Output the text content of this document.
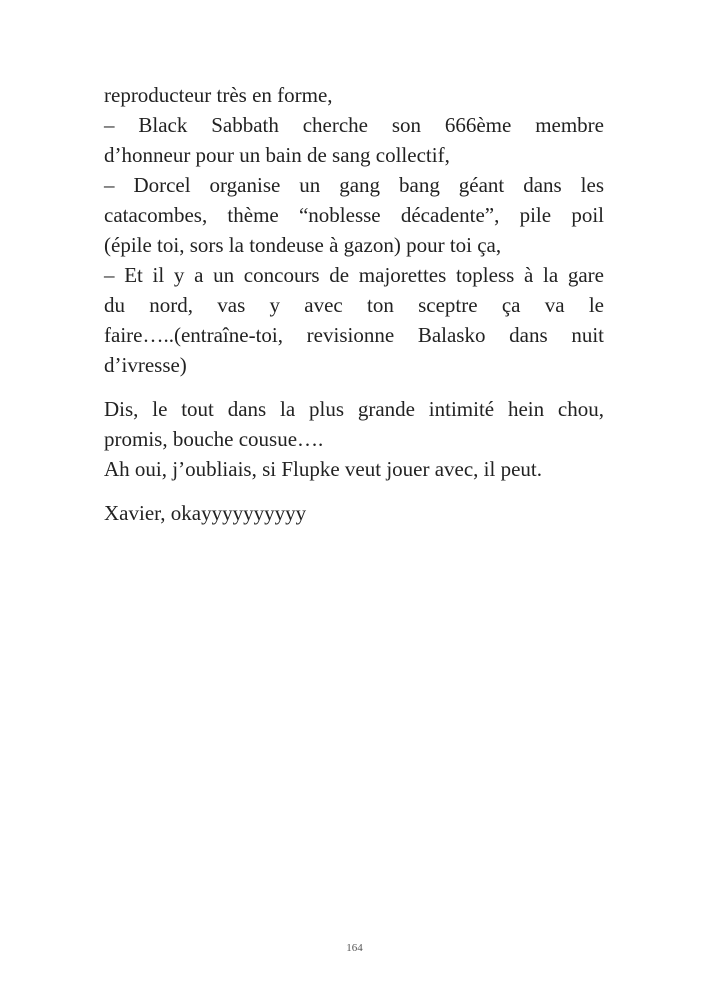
reproducteur très en forme,
– Black Sabbath cherche son 666ème membre
d’honneur pour un bain de sang collectif,
– Dorcel organise un gang bang géant dans les
catacombes, thème “noblesse décadente”, pile poil
(épile toi, sors la tondeuse à gazon) pour toi ça,
– Et il y a un concours de majorettes topless à la gare
du nord, vas y avec ton sceptre ça va le
faire…..(entraîne-toi, revisionne Balasko dans nuit
d’ivresse)
Dis, le tout dans la plus grande intimité hein chou,
promis, bouche cousue….
Ah oui, j’oubliais, si Flupke veut jouer avec, il peut.
Xavier, okayyyyyyyyyy
164
